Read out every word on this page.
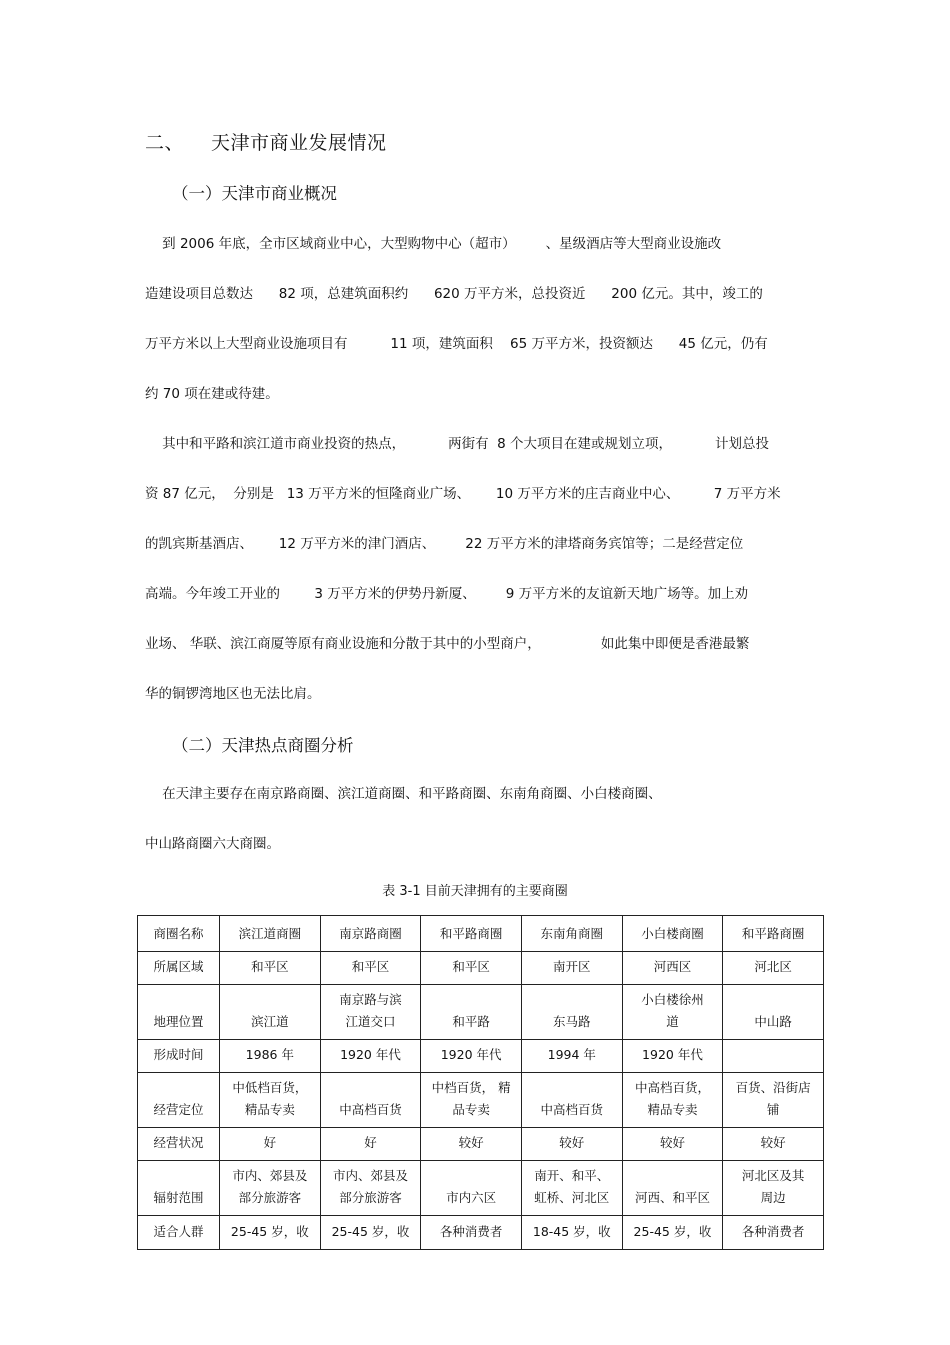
二、 天津市商业发展情况
（一）天津市商业概况
到 2006 年底，全市区域商业中心，大型购物中心（超市）       、星级酒店等大型商业设施改
造建设项目总数达      82 项，总建筑面积约      620 万平方米，总投资近      200 亿元。其中，竣工的
万平方米以上大型商业设施项目有          11 项，建筑面积    65 万平方米，投资额达      45 亿元，仍有
约 70 项在建或待建。
其中和平路和滨江道市商业投资的热点，          两街有  8 个大项目在建或规划立项，          计划总投
资 87 亿元，  分别是   13 万平方米的恒隆商业广场、      10 万平方米的庄吉商业中心、        7 万平方米
的凯宾斯基酒店、      12 万平方米的津门酒店、       22 万平方米的津塔商务宾馆等；二是经营定位
高端。今年竣工开业的        3 万平方米的伊势丹新厦、       9 万平方米的友谊新天地广场等。加上劝
业场、 华联、滨江商厦等原有商业设施和分散于其中的小型商户，              如此集中即便是香港最繁
华的铜锣湾地区也无法比肩。
（二）天津热点商圈分析
在天津主要存在南京路商圈、滨江道商圈、和平路商圈、东南角商圈、小白楼商圈、
中山路商圈六大商圈。
表 3-1 目前天津拥有的主要商圈
商圈名称	滨江道商圈	南京路商圈	和平路商圈	东南角商圈	小白楼商圈	和平路商圈

所属区域	和平区	和平区	和平区	南开区	河西区	河北区

地理位置	滨江道	南京路与滨
江道交口	和平路	东马路	小白楼徐州
道	中山路

形成时间	1986 年	1920 年代	1920 年代	1994 年	1920 年代	

经营定位	中低档百货，
精品专卖	中高档百货	中档百货， 精
品专卖	中高档百货	中高档百货，
精品专卖	百货、沿街店
铺

经营状况	好	好	较好	较好	较好	较好

辐射范围	市内、郊县及
部分旅游客	市内、郊县及
部分旅游客	市内六区	南开、和平、
虹桥、河北区	河西、和平区	河北区及其
周边

适合人群	25-45 岁，收	25-45 岁，收	各种消费者	18-45 岁，收	25-45 岁，收	各种消费者
